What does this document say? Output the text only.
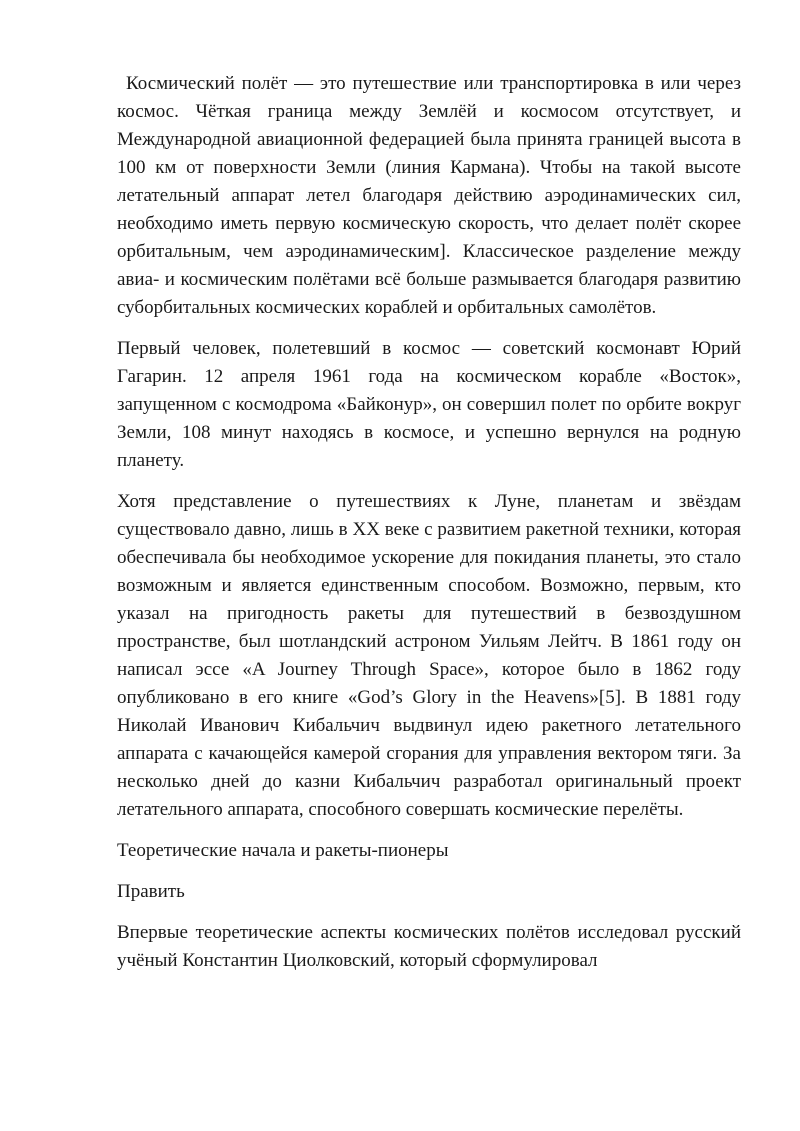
Космический полёт — это путешествие или транспортировка в или через космос. Чёткая граница между Землёй и космосом отсутствует, и Международной авиационной федерацией была принята границей высота в 100 км от поверхности Земли (линия Кармана). Чтобы на такой высоте летательный аппарат летел благодаря действию аэродинамических сил, необходимо иметь первую космическую скорость, что делает полёт скорее орбитальным, чем аэродинамическим]. Классическое разделение между авиа- и космическим полётами всё больше размывается благодаря развитию суборбитальных космических кораблей и орбитальных самолётов.

Первый человек, полетевший в космос — советский космонавт Юрий Гагарин. 12 апреля 1961 года на космическом корабле «Восток», запущенном с космодрома «Байконур», он совершил полет по орбите вокруг Земли, 108 минут находясь в космосе, и успешно вернулся на родную планету.

Хотя представление о путешествиях к Луне, планетам и звёздам существовало давно, лишь в XX веке с развитием ракетной техники, которая обеспечивала бы необходимое ускорение для покидания планеты, это стало возможным и является единственным способом. Возможно, первым, кто указал на пригодность ракеты для путешествий в безвоздушном пространстве, был шотландский астроном Уильям Лейтч. В 1861 году он написал эссе «A Journey Through Space», которое было в 1862 году опубликовано в его книге «God’s Glory in the Heavens»[5]. В 1881 году Николай Иванович Кибальчич выдвинул идею ракетного летательного аппарата с качающейся камерой сгорания для управления вектором тяги. За несколько дней до казни Кибальчич разработал оригинальный проект летательного аппарата, способного совершать космические перелёты.

Теоретические начала и ракеты-пионеры

Править

Впервые теоретические аспекты космических полётов исследовал русский учёный Константин Циолковский, который сформулировал
